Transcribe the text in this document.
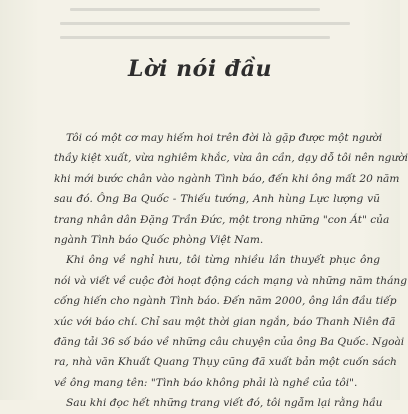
Lời nói đầu

Tôi có một cơ may hiếm hoi trên đời là gặp được một người
thầy kiệt xuất, vừa nghiêm khắc, vừa ân cần, dạy dỗ tôi nên người
khi mới bước chân vào ngành Tình báo, đến khi ông mất 20 năm
sau đó. Ông Ba Quốc - Thiếu tướng, Anh hùng Lực lượng vũ
trang nhân dân Đặng Trần Đức, một trong những "con Át" của
ngành Tình báo Quốc phòng Việt Nam.

Khi ông về nghỉ hưu, tôi từng nhiều lần thuyết phục ông
nói và viết về cuộc đời hoạt động cách mạng và những năm tháng
cống hiến cho ngành Tình báo. Đến năm 2000, ông lần đầu tiếp
xúc với báo chí. Chỉ sau một thời gian ngắn, báo Thanh Niên đã
đăng tải 36 số báo về những câu chuyện của ông Ba Quốc. Ngoài
ra, nhà văn Khuất Quang Thụy cũng đã xuất bản một cuốn sách
về ông mang tên: "Tình báo không phải là nghề của tôi".

Sau khi đọc hết những trang viết đó, tôi ngẫm lại rằng hầu
